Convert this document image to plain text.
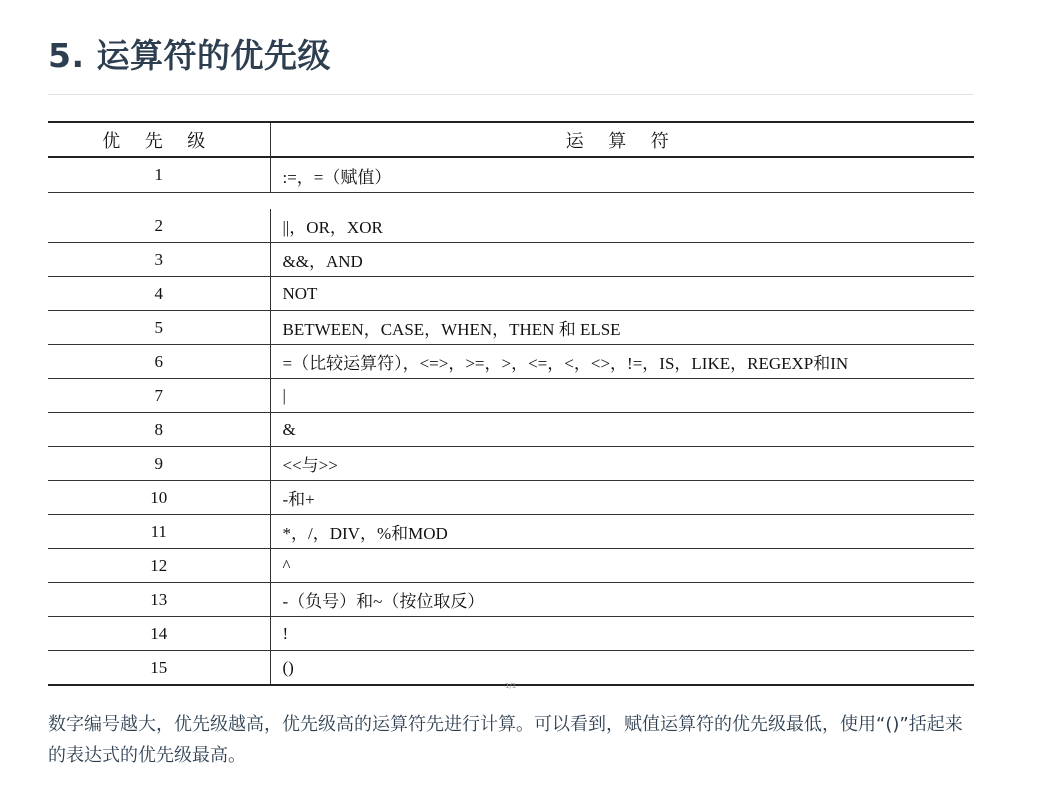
5. 运算符的优先级
优 先 级	运 算 符
1	:=，=（赋值）

2	||，OR，XOR
3	&&，AND
4	NOT
5	BETWEEN，CASE，WHEN，THEN 和 ELSE
6	=（比较运算符），<=>，>=，>，<=，<，<>，!=，IS，LIKE，REGEXP和IN
7	|
8	&
9	<<与>>
10	-和+
11	*，/，DIV，%和MOD
12	^
13	-（负号）和~（按位取反）
14	!
15	()
1/1

数字编号越大，优先级越高，优先级高的运算符先进行计算。可以看到，赋值运算符的优先级最低，使用“()”括起来的表达式的优先级最高。
